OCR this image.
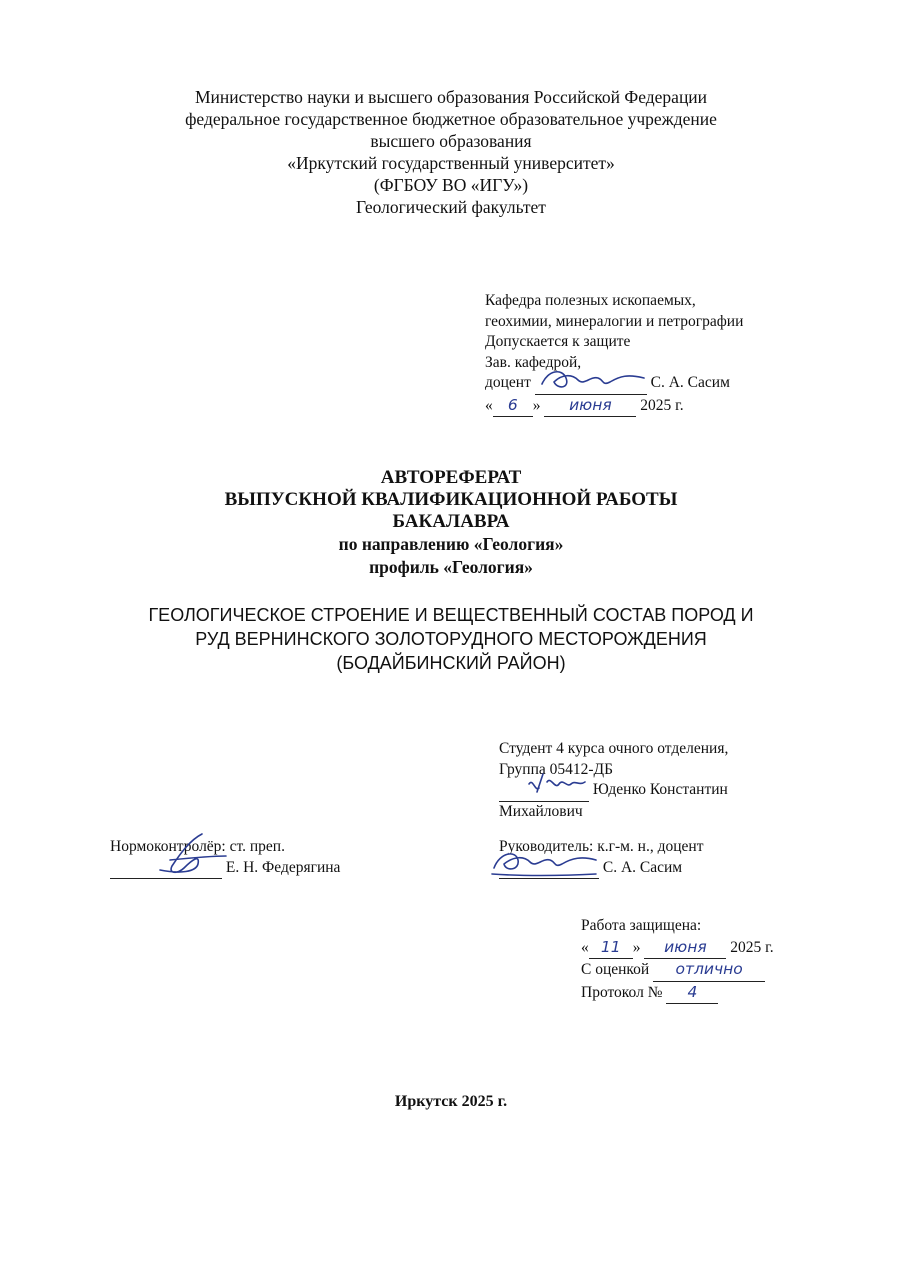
Министерство науки и высшего образования Российской Федерации
федеральное государственное бюджетное образовательное учреждение
высшего образования
«Иркутский государственный университет»
(ФГБОУ ВО «ИГУ»)
Геологический факультет
Кафедра полезных ископаемых,
геохимии, минералогии и петрографии
Допускается к защите
Зав. кафедрой,
доцент	С. А. Сасим
« 6 » июня 2025 г.
АВТОРЕФЕРАТ
ВЫПУСКНОЙ КВАЛИФИКАЦИОННОЙ РАБОТЫ
БАКАЛАВРА
по направлению «Геология»
профиль «Геология»
ГЕОЛОГИЧЕСКОЕ СТРОЕНИЕ И ВЕЩЕСТВЕННЫЙ СОСТАВ ПОРОД И
РУД ВЕРНИНСКОГО ЗОЛОТОРУДНОГО МЕСТОРОЖДЕНИЯ
(БОДАЙБИНСКИЙ РАЙОН)
Студент 4 курса очного отделения,
Группа 05412-ДБ
Юденко Константин
Михайлович
Нормоконтролёр: ст. преп.
Е. Н. Федерягина
Руководитель: к.г-м. н., доцент
С. А. Сасим
Работа защищена:
« 11 » июня 2025 г.
С оценкой отлично
Протокол № 4
Иркутск 2025 г.
